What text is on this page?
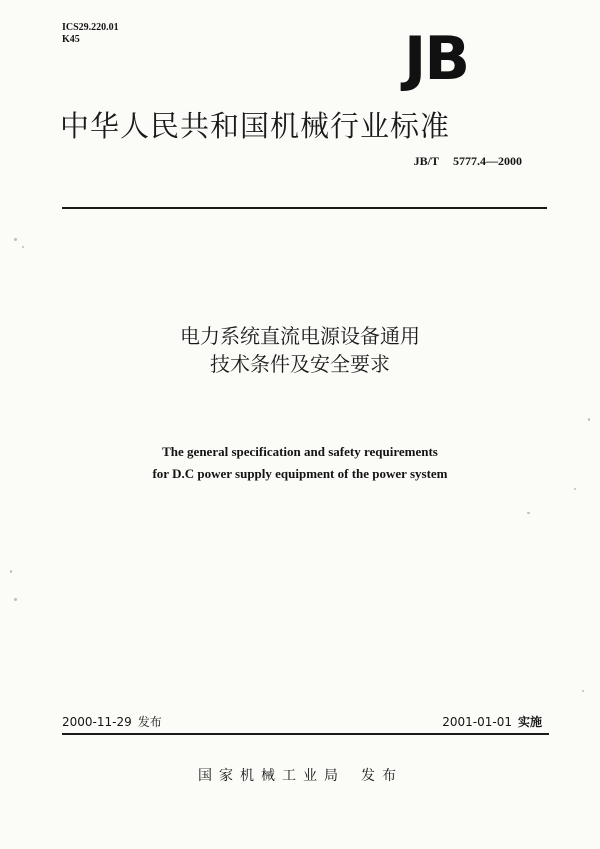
ICS29.220.01
K45	JB
中华人民共和国机械行业标准
JB/T 5777.4—2000
电力系统直流电源设备通用
技术条件及安全要求
The general specification and safety requirements
for D.C power supply equipment of the power system
2000-11-29 发布	2001-01-01 实施
国家机械工业局 发布
